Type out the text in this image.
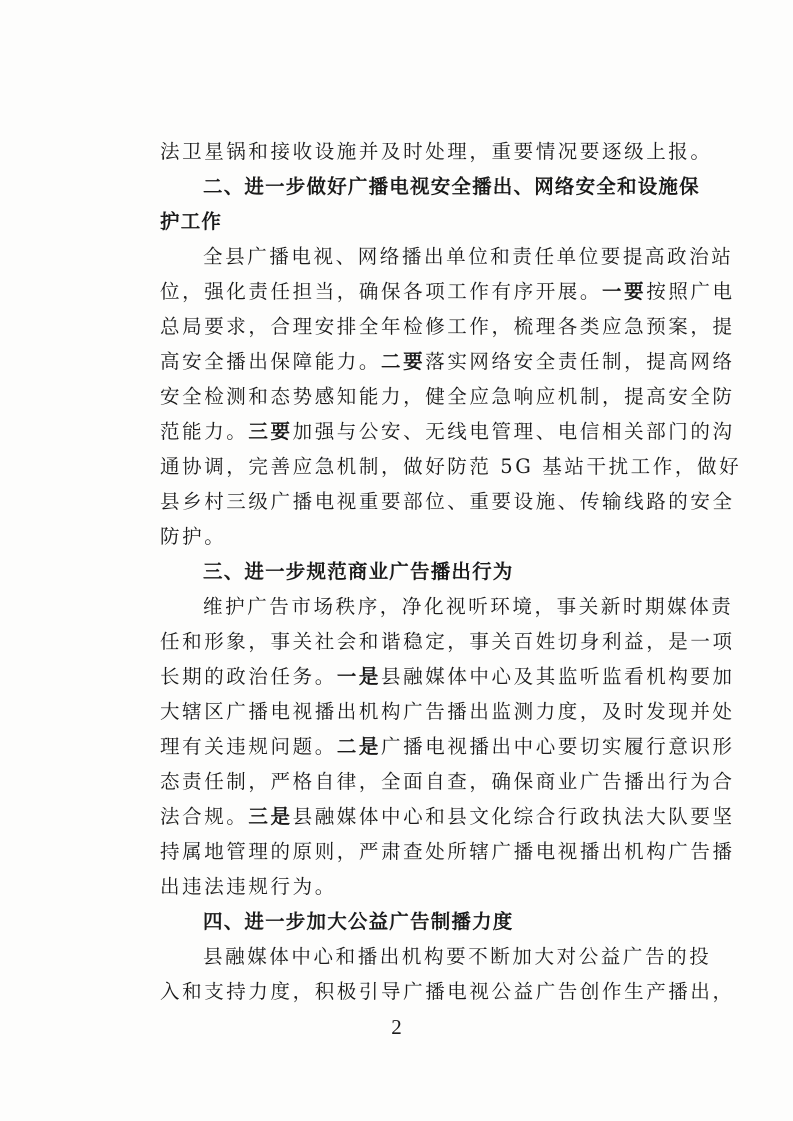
法卫星锅和接收设施并及时处理，重要情况要逐级上报。
二、进一步做好广播电视安全播出、网络安全和设施保
护工作
全县广播电视、网络播出单位和责任单位要提高政治站
位，强化责任担当，确保各项工作有序开展。一要按照广电
总局要求，合理安排全年检修工作，梳理各类应急预案，提
高安全播出保障能力。二要落实网络安全责任制，提高网络
安全检测和态势感知能力，健全应急响应机制，提高安全防
范能力。三要加强与公安、无线电管理、电信相关部门的沟
通协调，完善应急机制，做好防范 5G 基站干扰工作，做好
县乡村三级广播电视重要部位、重要设施、传输线路的安全
防护。
三、进一步规范商业广告播出行为
维护广告市场秩序，净化视听环境，事关新时期媒体责
任和形象，事关社会和谐稳定，事关百姓切身利益，是一项
长期的政治任务。一是县融媒体中心及其监听监看机构要加
大辖区广播电视播出机构广告播出监测力度，及时发现并处
理有关违规问题。二是广播电视播出中心要切实履行意识形
态责任制，严格自律，全面自查，确保商业广告播出行为合
法合规。三是县融媒体中心和县文化综合行政执法大队要坚
持属地管理的原则，严肃查处所辖广播电视播出机构广告播
出违法违规行为。
四、进一步加大公益广告制播力度
县融媒体中心和播出机构要不断加大对公益广告的投
入和支持力度，积极引导广播电视公益广告创作生产播出，
2
